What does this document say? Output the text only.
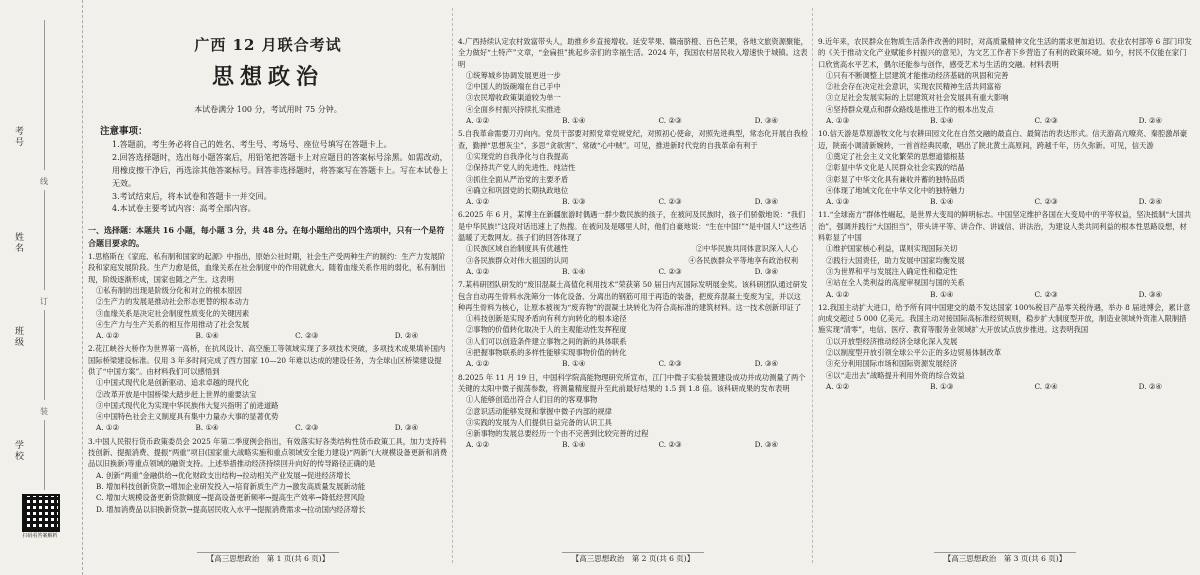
考号
姓名
班级
学校
线
订
装
扫码看答案解析
广西 12 月联合考试
思想政治
本试卷满分 100 分，考试用时 75 分钟。
注意事项：
1.答题前，考生务必将自己的姓名、考生号、考场号、座位号填写在答题卡上。
2.回答选择题时，选出每小题答案后，用铅笔把答题卡上对应题目的答案标号涂黑。如需改动，用橡皮擦干净后，再选涂其他答案标号。回答非选择题时，将答案写在答题卡上。写在本试卷上无效。
3.考试结束后，将本试卷和答题卡一并交回。
4.本试卷主要考试内容：高考全部内容。
一、选择题：本题共 16 小题，每小题 3 分，共 48 分。在每小题给出的四个选项中，只有一个是符合题目要求的。

1.思格斯在《家庭、私有制和国家的起源》中指出，原始公社时期，社会生产受两种生产的制约：生产力发展阶段和家庭发展阶段。生产力愈是低，血缘关系在社会制度中的作用就愈大。随着血缘关系作用的弱化，私有制出现，阶级逐渐形成，国家也随之产生。这表明

①私有制的出现是阶级分化和对立的根本原因

②生产力的发展是推动社会形态更替的根本动力

③血缘关系是决定社会制度性质变化的关键因素

④生产力与生产关系的相互作用推动了社会发展

A. ①②	B. ①④	C. ②③	D. ②④

2.花江峡谷大桥作为世界第一高桥，在抗风设计、高空施工等领域实现了多项技术突破，多项技术成果填补国内国际桥梁建设标准。仅用 3 年多时间完成了西方国家 10—20 年难以达成的建设任务，为全球山区桥梁建设提供了“中国方案”。由材料我们可以感悟到

①中国式现代化是创新驱动、追求卓越的现代化

②改革开放是中国桥梁大踏步赶上世界的重要法宝

③中国式现代化为实现中华民族伟大复兴指明了前进道路

④中国特色社会主义制度具有集中力量办大事的显著优势

A. ①②	B. ①④	C. ②③	D. ③④

3.中国人民银行货币政策委员会 2025 年第二季度例会指出，有效落实好各类结构性货币政策工具，加力支持科技创新、提振消费、提振“两重”项目(国家重大战略实施和重点领域安全能力建设)“两新”(大规模设备更新和消费品以旧换新)等重点领域的融资支持。上述举措推动经济持续回升向好的传导路径正确的是

A. 创新“两重”金融供给→优化财政支出结构→拉动相关产业发展→促进经济增长

B. 增加科技创新贷款→增加企业研发投入→培育新质生产力→激发高质量发展新动能

C. 增加大规模设备更新贷款额度→提高设备更新频率→提高生产效率→降低经营风险

D. 增加消费品以旧换新贷款→提高居民收入水平→提振消费需求→拉动国内经济增长

【高三思想政治　第 1 页(共 6 页)】

4.广西持续认定农村致富带头人，助推乡乡直接增收。延安苹果、赣南脐橙、百色芒果，各地文旅资源聚能，全力做好“土特产”文章，“金扁担”挑起乡亲们的幸福生活。2024 年，我国农村居民收入增速快于城镇。这表明

①统筹城乡协调发展更进一步

②中国人的饭碗端在自己手中

③农民增收政策渠道较为单一

④全面乡村振兴持续扎实推进

A. ①②	B. ①④	C. ②③	D. ③④

5.自我革命需要刀刃向内。党员干部要对照党章党规党纪，对照初心使命，对照先进典型，常态化开展自我检查，勤掸“思想灰尘”、多思“贪欲害”、常破“心中贼”。可见，推进新时代党的自我革命有利于

①实现党的自我净化与自我提高

②保持共产党人的先进性、纯洁性

③抓住全面从严治党的主要矛盾

④确立和巩固党的长期执政地位

A. ①②	B. ①③	C. ②③	D. ③④

6.2025 年 6 月，某博主在新疆旅游时偶遇一群少数民族的孩子，在被问及民族时，孩子们骄傲地说：“我们是中华民族!”这段对话迅速上了热搜。在被问及是哪里人时，他们自豪地说：“生在中国!”“是中国人!”这些话温暖了无数网友。孩子们的回答体现了

①民族区域自治制度具有优越性	②中华民族共同体意识深入人心
③各民族群众对伟大祖国的认同	④各民族群众平等地享有政治权利
A. ①②	B. ①④	C. ②③	D. ③④

7.某科研团队研发的“废旧混凝土高值化利用技术”荣获第 50 届日内瓦国际发明展金奖。该科研团队通过研发包含自动再生骨料水洗筛分一体化设备、分离出的钢筋可用于再造的装备，把废弃混凝土变废为宝，并以这种再生骨料为核心，让原本被视为“废弃物”的混凝土块转化为符合高标准的建筑材料。这一技术创新印证了

①科技创新是实现矛盾向有利方向转化的根本途径

②事物的价值转化取决于人的主观能动性发挥程度

③人们可以创造条件建立事物之间的新的具体联系

④把握事物联系的多样性能够实现事物价值的转化

A. ①②	B. ①④	C. ②③	D. ③④

8.2025 年 11 月 19 日，中国科学院高能物理研究所宣布，江门中微子实验装置建设成功并成功测量了两个关键的太阳中微子振荡参数，将测量精度提升至此前最好结果的 1.5 到 1.8 倍。该科研成果的发布表明

①人能够创造出符合人们目的的客观事物

②意识活动能够发现和掌握中微子内部的规律

③实践的发展为人们提供日益完备的认识工具

④新事物的发展总要经历一个由不完善到比较完善的过程

A. ①②	B. ①④	C. ②③	D. ③④
【高三思想政治　第 2 页(共 6 页)】

9.近年来，农民群众在物质生活条件改善的同时，对高质量精神文化生活的需求更加迫切。农业农村部等 6 部门印发的《关于推动文化产业赋能乡村振兴的意见》，为文艺工作者下乡营造了有利的政策环境。如今，村民不仅能在家门口欣赏高水平艺术，偶尔还能参与创作，感受艺术与生活的交融。材料表明

①只有不断调整上层建筑才能推动经济基础的巩固和完善

②社会存在决定社会意识，实现农民精神生活共同富裕

③立足社会发展实际的上层建筑对社会发展具有重大影响

④坚持群众观点和群众路线是推进工作的根本出发点

A. ①③	B. ①④	C. ②③	D. ②④

10.信天游是草原游牧文化与农耕田园文化在自然交融的最直白、最简洁的表达形式。信天游高亢嘹亮、秦腔激昂豪迈，陕南小调清新婉转，一首首经典民歌，唱出了陕北黄土高原间，跨越千年，历久弥新。可见，信天游

①奠定了社会主义文化繁荣的思想道德根基

②彰显中华文化是人民群众社会实践的结晶

③彰显了中华文化具有兼收并蓄的独特品质

④体现了地域文化在中华文化中的独特魅力

A. ①③	B. ①④	C. ②③	D. ②④

11.“全球南方”群体性崛起，是世界大变局的鲜明标志。中国坚定维护各国在大变局中的平等权益，坚决抵制“大国共治”，强调并践行“大国担当”，带头讲平等、讲合作、讲诚信、讲法治，为建设人类共同利益的根本性思路设想，材料彰显了中国

①维护国家核心利益，谋则实现国际关切

②践行大国责任，助力发展中国家均衡发展

③为世界和平与发展注入确定性和稳定性

④站在全人类利益的高度审视国与国的关系

A. ①②	B. ①④	C. ②③	D. ③④

12.我国主动扩大进口，给予所有同中国建交的最不发达国家 100%税目产品零关税待遇，举办 8 届进博会，累计意向成交超过 5 000 亿美元。我国主动对接国际高标准经贸规则，稳步扩大制度型开放，制造业领域外资准入限制措施实现“清零”，电信、医疗、教育等服务业领域扩大开放试点放步推进。这表明我国

①以开放型经济推动经济全球化深入发展

②以制度型开放引领全球公平公正的多边贸易体制改革

③充分利用国际市场和国际资源发展经济

④以“走出去”战略提升利用外资的综合效益

A. ①②	B. ①③	C. ②④	D. ②④
【高三思想政治　第 3 页(共 6 页)】
